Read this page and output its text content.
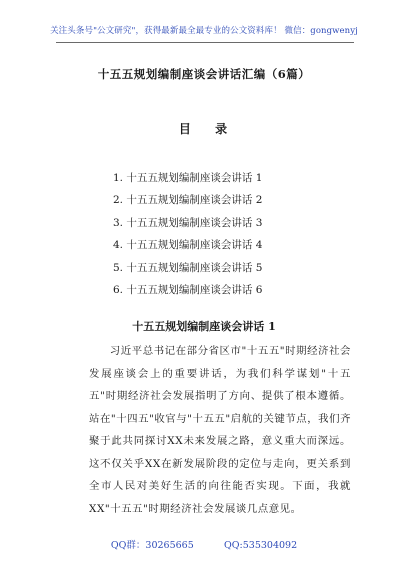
关注头条号"公文研究"，获得最新最全最专业的公文资料库！ 微信：gongwenyj
十五五规划编制座谈会讲话汇编（6篇）
目 录
1. 十五五规划编制座谈会讲话 1
2. 十五五规划编制座谈会讲话 2
3. 十五五规划编制座谈会讲话 3
4. 十五五规划编制座谈会讲话 4
5. 十五五规划编制座谈会讲话 5
6. 十五五规划编制座谈会讲话 6
十五五规划编制座谈会讲话 1

习近平总书记在部分省区市"十五五"时期经济社会发展座谈会上的重要讲话，为我们科学谋划"十五五"时期经济社会发展指明了方向、提供了根本遵循。站在"十四五"收官与"十五五"启航的关键节点，我们齐聚于此共同探讨XX未来发展之路，意义重大而深远。这不仅关乎XX在新发展阶段的定位与走向，更关系到全市人民对美好生活的向往能否实现。下面，我就XX"十五五"时期经济社会发展谈几点意见。

QQ群：30265665	QQ:535304092
